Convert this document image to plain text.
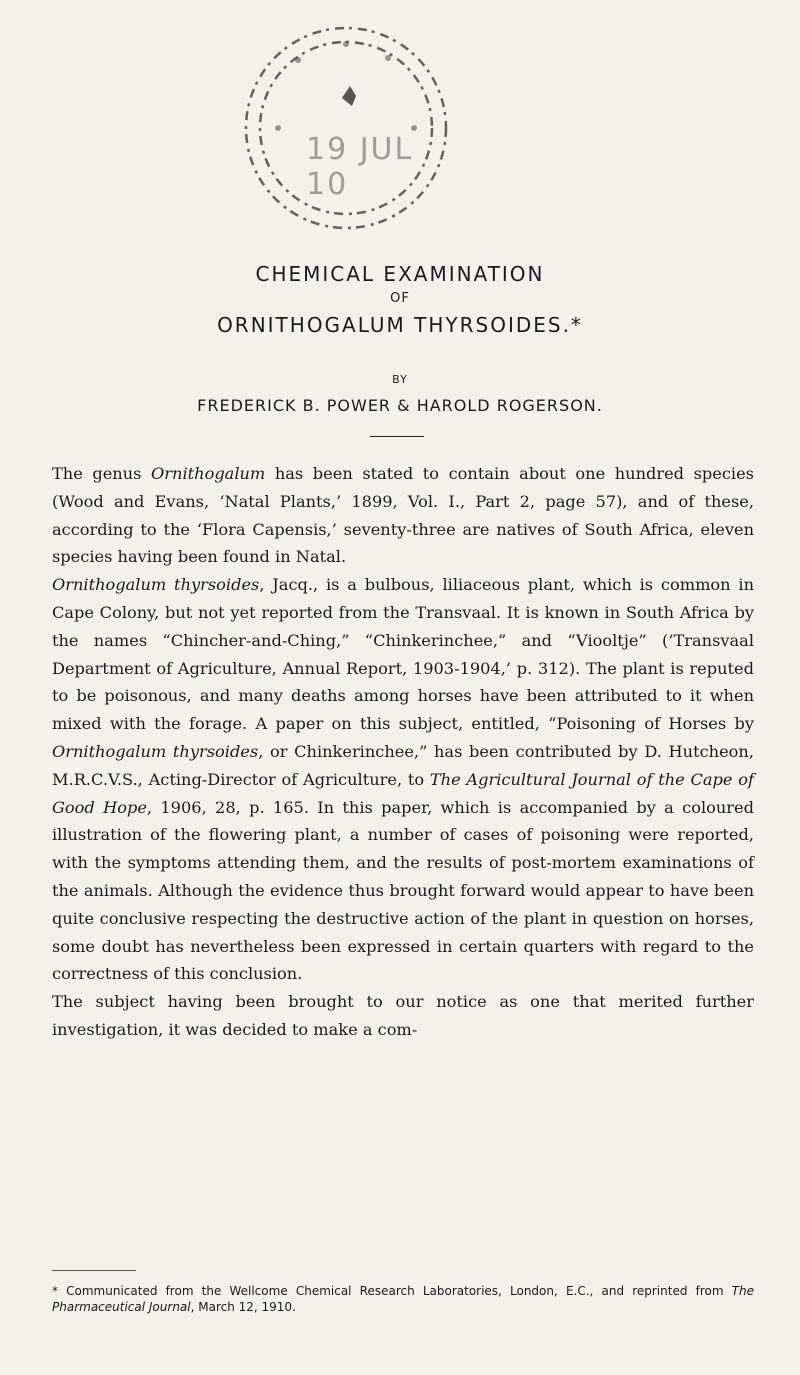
19 JUL 10
CHEMICAL EXAMINATION
OF
ORNITHOGALUM THYRSOIDES.*
BY
FREDERICK B. POWER & HAROLD ROGERSON.

The genus Ornithogalum has been stated to contain about one hundred species (Wood and Evans, ‘Natal Plants,’ 1899, Vol. I., Part 2, page 57), and of these, according to the ‘Flora Capensis,’ seventy-three are natives of South Africa, eleven species having been found in Natal.

Ornithogalum thyrsoides, Jacq., is a bulbous, liliaceous plant, which is common in Cape Colony, but not yet reported from the Transvaal. It is known in South Africa by the names “Chincher-and-Ching,” “Chinkerinchee,” and “Viooltje” (‘Transvaal Department of Agriculture, Annual Report, 1903-1904,’ p. 312). The plant is reputed to be poisonous, and many deaths among horses have been attributed to it when mixed with the forage. A paper on this subject, entitled, “Poisoning of Horses by Ornithogalum thyrsoides, or Chinkerinchee,” has been contributed by D. Hutcheon, M.R.C.V.S., Acting-Director of Agriculture, to The Agricultural Journal of the Cape of Good Hope, 1906, 28, p. 165. In this paper, which is accompanied by a coloured illustration of the flowering plant, a number of cases of poisoning were reported, with the symptoms attending them, and the results of post-mortem examinations of the animals. Although the evidence thus brought forward would appear to have been quite conclusive respecting the destructive action of the plant in question on horses, some doubt has nevertheless been expressed in certain quarters with regard to the correctness of this conclusion.

The subject having been brought to our notice as one that merited further investigation, it was decided to make a com-

* Communicated from the Wellcome Chemical Research Laboratories, London, E.C., and reprinted from The Pharmaceutical Journal, March 12, 1910.
